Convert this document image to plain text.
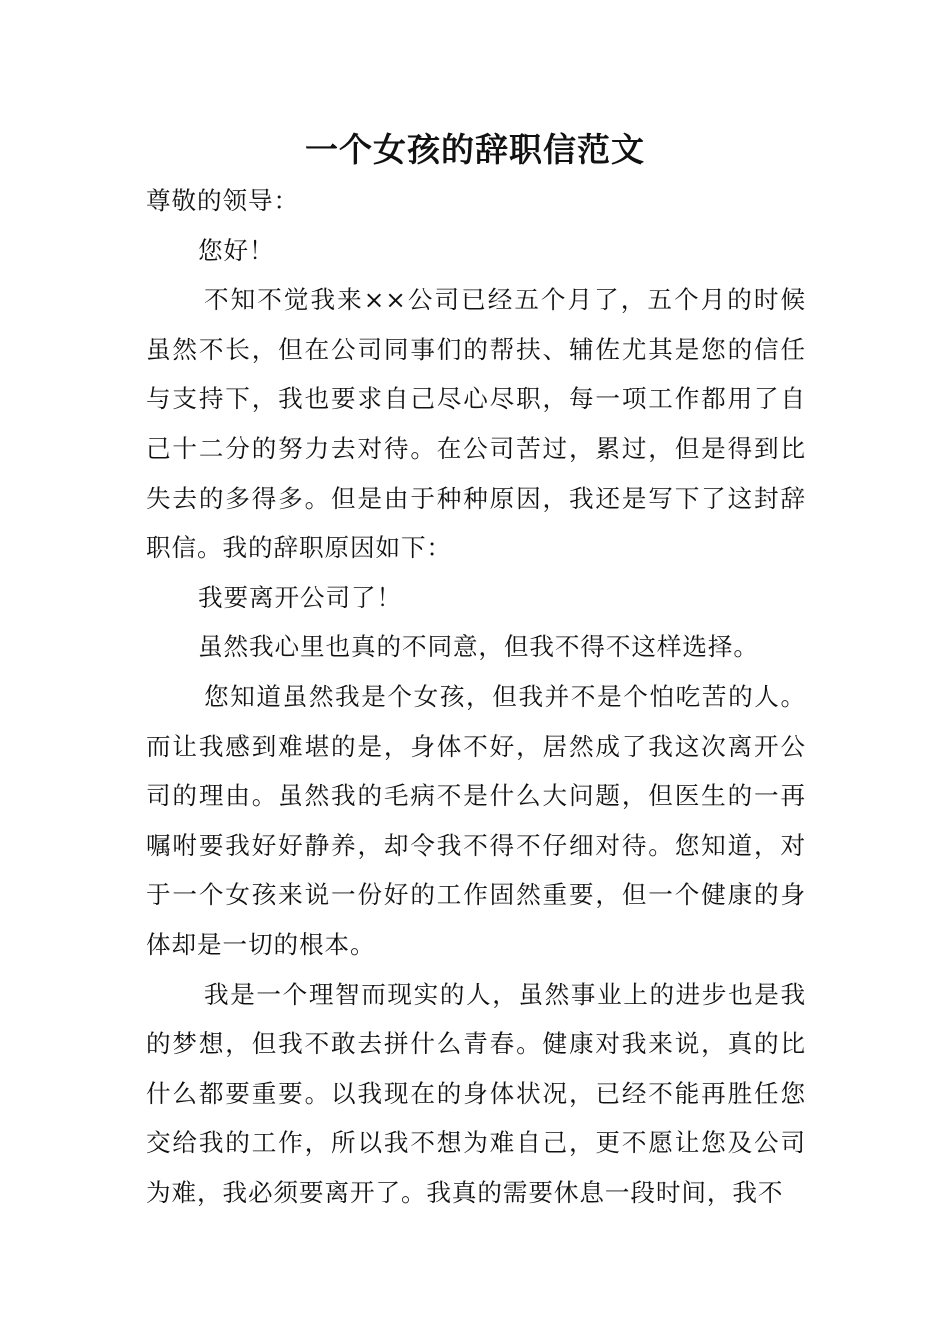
一个女孩的辞职信范文

尊敬的领导：

您好！

不知不觉我来××公司已经五个月了，五个月的时候虽然不长，但在公司同事们的帮扶、辅佐尤其是您的信任与支持下，我也要求自己尽心尽职，每一项工作都用了自己十二分的努力去对待。在公司苦过，累过，但是得到比失去的多得多。但是由于种种原因，我还是写下了这封辞职信。我的辞职原因如下：

我要离开公司了！

虽然我心里也真的不同意，但我不得不这样选择。

您知道虽然我是个女孩，但我并不是个怕吃苦的人。而让我感到难堪的是，身体不好，居然成了我这次离开公司的理由。虽然我的毛病不是什么大问题，但医生的一再嘱咐要我好好静养，却令我不得不仔细对待。您知道，对于一个女孩来说一份好的工作固然重要，但一个健康的身体却是一切的根本。

我是一个理智而现实的人，虽然事业上的进步也是我的梦想，但我不敢去拼什么青春。健康对我来说，真的比什么都要重要。以我现在的身体状况，已经不能再胜任您交给我的工作，所以我不想为难自己，更不愿让您及公司为难，我必须要离开了。我真的需要休息一段时间，我不
